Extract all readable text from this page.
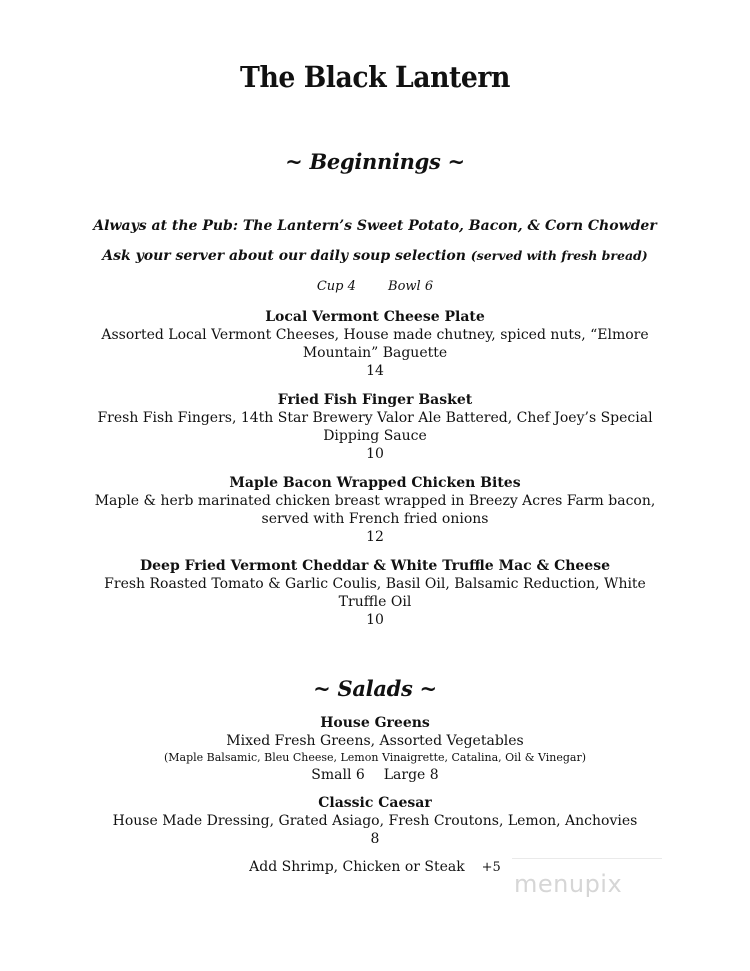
The Black Lantern
~ Beginnings ~
Always at the Pub: The Lantern’s Sweet Potato, Bacon, & Corn Chowder
Ask your server about our daily soup selection (served with fresh bread)
Cup 4 Bowl 6
Local Vermont Cheese Plate
Assorted Local Vermont Cheeses, House made chutney, spiced nuts, “Elmore
Mountain” Baguette
14
Fried Fish Finger Basket
Fresh Fish Fingers, 14th Star Brewery Valor Ale Battered, Chef Joey’s Special
Dipping Sauce
10
Maple Bacon Wrapped Chicken Bites
Maple & herb marinated chicken breast wrapped in Breezy Acres Farm bacon,
served with French fried onions
12
Deep Fried Vermont Cheddar & White Truffle Mac & Cheese
Fresh Roasted Tomato & Garlic Coulis, Basil Oil, Balsamic Reduction, White
Truffle Oil
10
~ Salads ~
House Greens
Mixed Fresh Greens, Assorted Vegetables
(Maple Balsamic, Bleu Cheese, Lemon Vinaigrette, Catalina, Oil & Vinegar)
Small 6 Large 8
Classic Caesar
House Made Dressing, Grated Asiago, Fresh Croutons, Lemon, Anchovies
8
Add Shrimp, Chicken or Steak +5
menupix
